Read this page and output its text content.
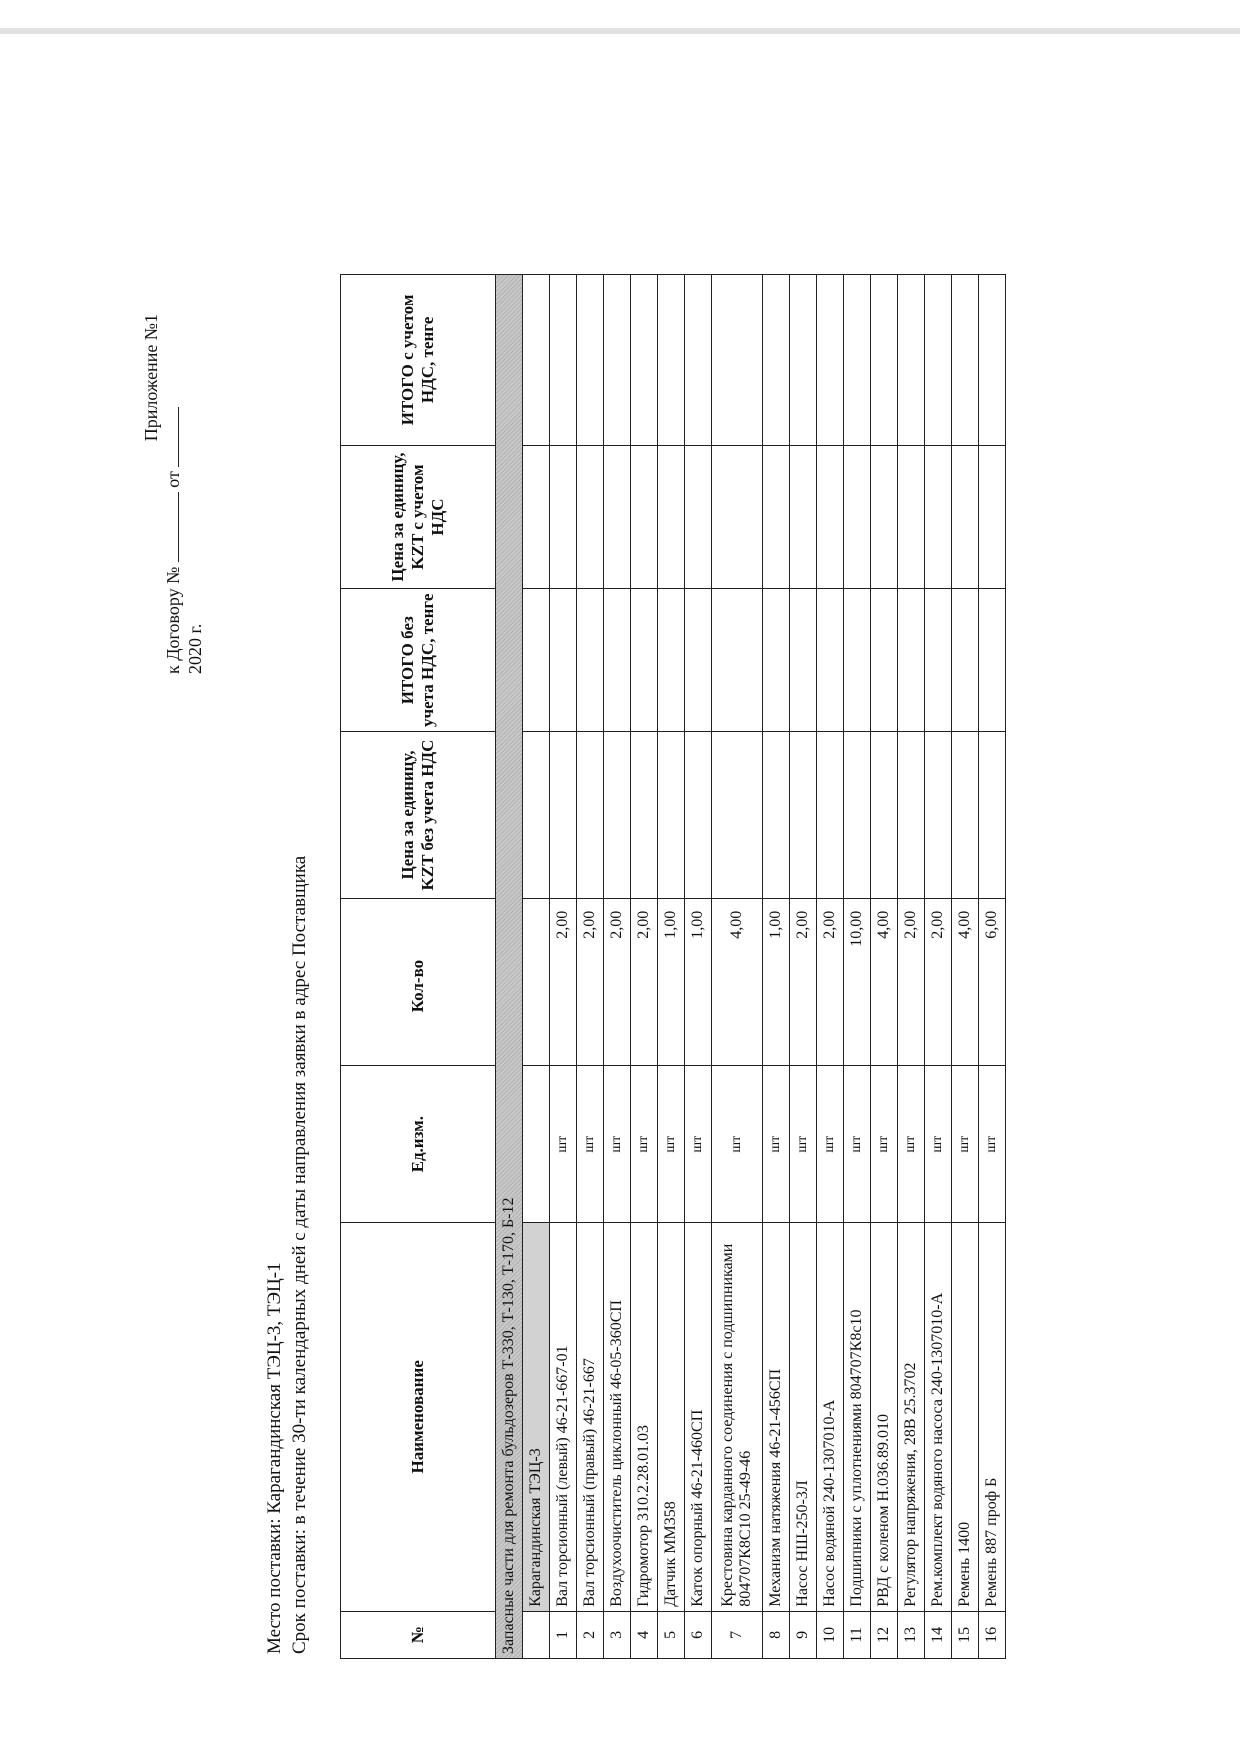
Приложение №1
к Договору №  от
2020 г.
Место поставки: Карагандинская ТЭЦ-3, ТЭЦ-1 Срок поставки: в течение 30-ти календарных дней с даты направления заявки в адрес Поставщика	№	Наименование	Ед.изм.	Кол-во	Цена за единицу, KZT без учета НДС	ИТОГО без учета НДС, тенге	Цена за единицу, KZT с учетом НДС	ИТОГО с учетом НДС, тенге
Запасные части для ремонта бульдозеров Т-330, Т-130, Т-170, Б-12							
	Карагандинская ТЭЦ-3						
1	Вал торсионный (левый) 46-21-667-01	шт	2,00				
2	Вал торсионный (правый) 46-21-667	шт	2,00				
3	Воздухоочиститель циклонный 46-05-360СП	шт	2,00				
4	Гидромотор 310.2.28.01.03	шт	2,00				
5	Датчик ММ358	шт	1,00				
6	Каток опорный 46-21-460СП	шт	1,00				
7	Крестовина карданного соединения с подшипниками 804707К8С10 25-49-46	шт	4,00				
8	Механизм натяжения 46-21-456СП	шт	1,00				
9	Насос НШ-250-3Л	шт	2,00				
10	Насос водяной 240-1307010-А	шт	2,00				
11	Подшипники с уплотнениями 804707К8с10	шт	10,00				
12	РВД с коленом Н.036.89.010	шт	4,00				
13	Регулятор напряжения, 28В 25.3702	шт	2,00				
14	Рем.комплект водяного насоса 240-1307010-А	шт	2,00				
15	Ремень 1400	шт	4,00				
16	Ремень 887 проф Б	шт	6,00				
